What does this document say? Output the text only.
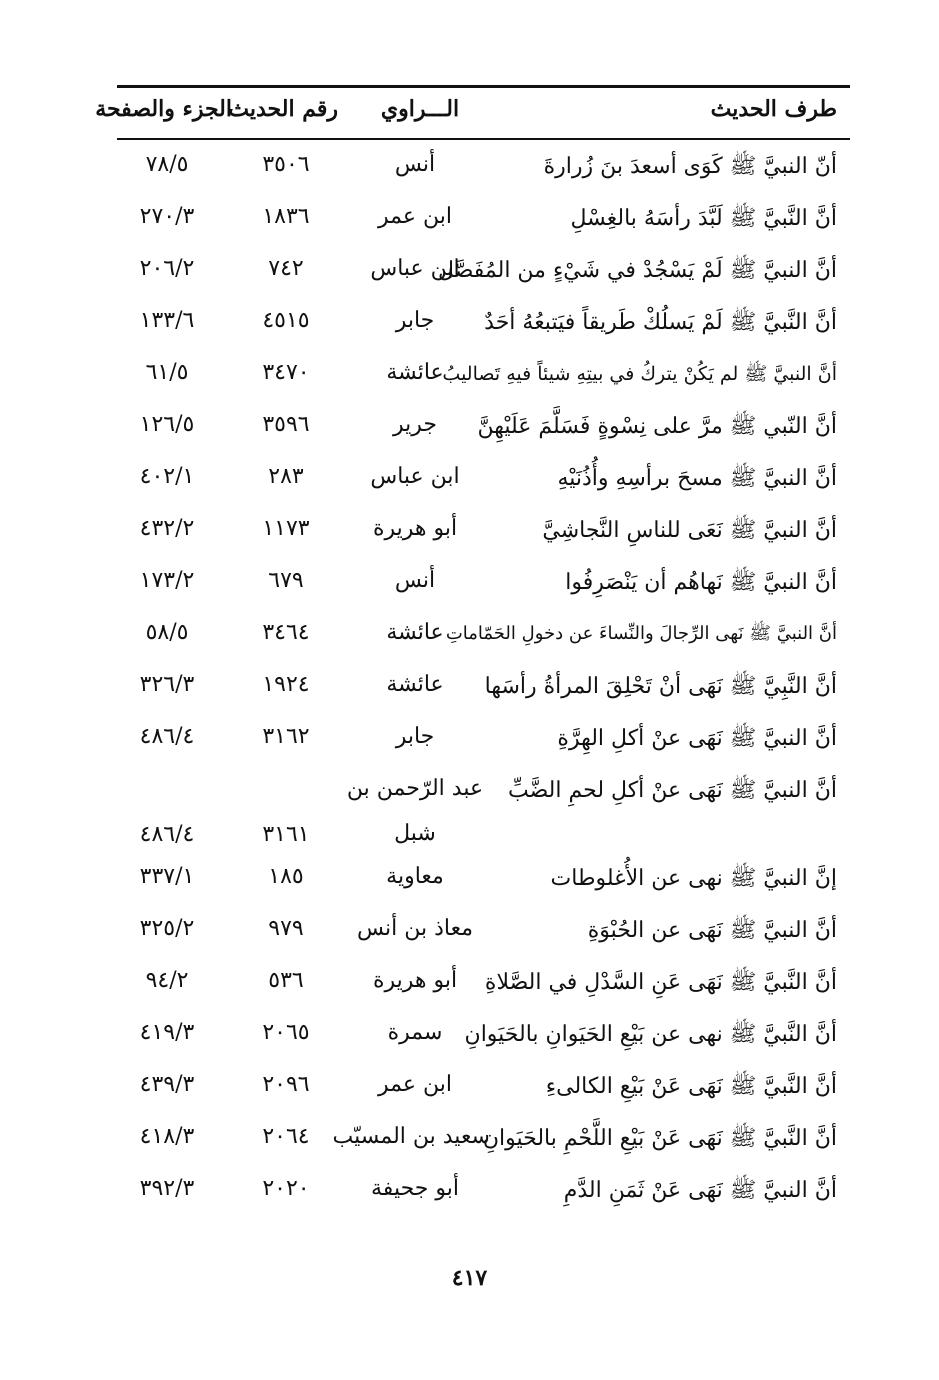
طرف الحديث
الـــراوي
رقم الحديث
الجزء والصفحة
أنّ النبيَّ ﷺ كَوَى أسعدَ بنَ زُرارةَ
أنس
٣٥٠٦
٧٨/٥
أنَّ النَّبيَّ ﷺ لَبَّدَ رأسَهُ بالغِسْلِ
ابن عمر
١٨٣٦
٢٧٠/٣
أنَّ النبيَّ ﷺ لَمْ يَسْجُدْ في شَيْءٍ من المُفَصَّل
ابن عباس
٧٤٢
٢٠٦/٢
أنَّ النَّبيَّ ﷺ لَمْ يَسلُكْ طَريقاً فيَتبعُهُ أحَدٌ
جابر
٤٥١٥
١٣٣/٦
أنَّ النبيَّ ﷺ لم يَكُنْ يتركُ في بيتِهِ شيئاً فيهِ تَصاليبُ
عائشة
٣٤٧٠
٦١/٥
أنَّ النّبي ﷺ مرَّ على نِسْوةٍ فَسَلَّمَ عَلَيْهِنَّ
جرير
٣٥٩٦
١٢٦/٥
أنَّ النبيَّ ﷺ مسحَ برأسِهِ وأُذُنَيْهِ
ابن عباس
٢٨٣
٤٠٢/١
أنَّ النبيَّ ﷺ نَعَى للناسِ النَّجاشِيَّ
أبو هريرة
١١٧٣
٤٣٢/٢
أنَّ النبيَّ ﷺ نَهاهُم أن يَنْصَرِفُوا
أنس
٦٧٩
١٧٣/٢
أنَّ النبيَّ ﷺ نَهى الرِّجالَ والنِّساءَ عن دخولِ الحَمّاماتِ
عائشة
٣٤٦٤
٥٨/٥
أنَّ النَّبِيَّ ﷺ نَهَى أنْ تَحْلِقَ المرأةُ رأسَها
عائشة
١٩٢٤
٣٢٦/٣
أنَّ النبيَّ ﷺ نَهَى عنْ أكلِ الهِرَّةِ
جابر
٣١٦٢
٤٨٦/٤
أنَّ النبيَّ ﷺ نَهَى عنْ أكلِ لحمِ الضَّبِّ
عبد الرّحمن بن
شبل
٣١٦١
٤٨٦/٤
إنَّ النبيَّ ﷺ نهى عن الأُغلوطات
معاوية
١٨٥
٣٣٧/١
أنَّ النبيَّ ﷺ نَهَى عن الحُبْوَةِ
معاذ بن أنس
٩٧٩
٣٢٥/٢
أنَّ النَّبيَّ ﷺ نَهَى عَنِ السَّدْلِ في الصَّلاةِ
أبو هريرة
٥٣٦
٩٤/٢
أنَّ النَّبيَّ ﷺ نهى عن بَيْعِ الحَيَوانِ بالحَيَوانِ
سمرة
٢٠٦٥
٤١٩/٣
أنَّ النَّبيَّ ﷺ نَهَى عَنْ بَيْعِ الكالىءِ
ابن عمر
٢٠٩٦
٤٣٩/٣
أنَّ النَّبيَّ ﷺ نَهَى عَنْ بَيْعِ اللَّحْمِ بالحَيَوانِ
سعيد بن المسيّب
٢٠٦٤
٤١٨/٣
أنَّ النبيَّ ﷺ نَهَى عَنْ ثَمَنِ الدَّمِ
أبو جحيفة
٢٠٢٠
٣٩٢/٣
٤١٧
